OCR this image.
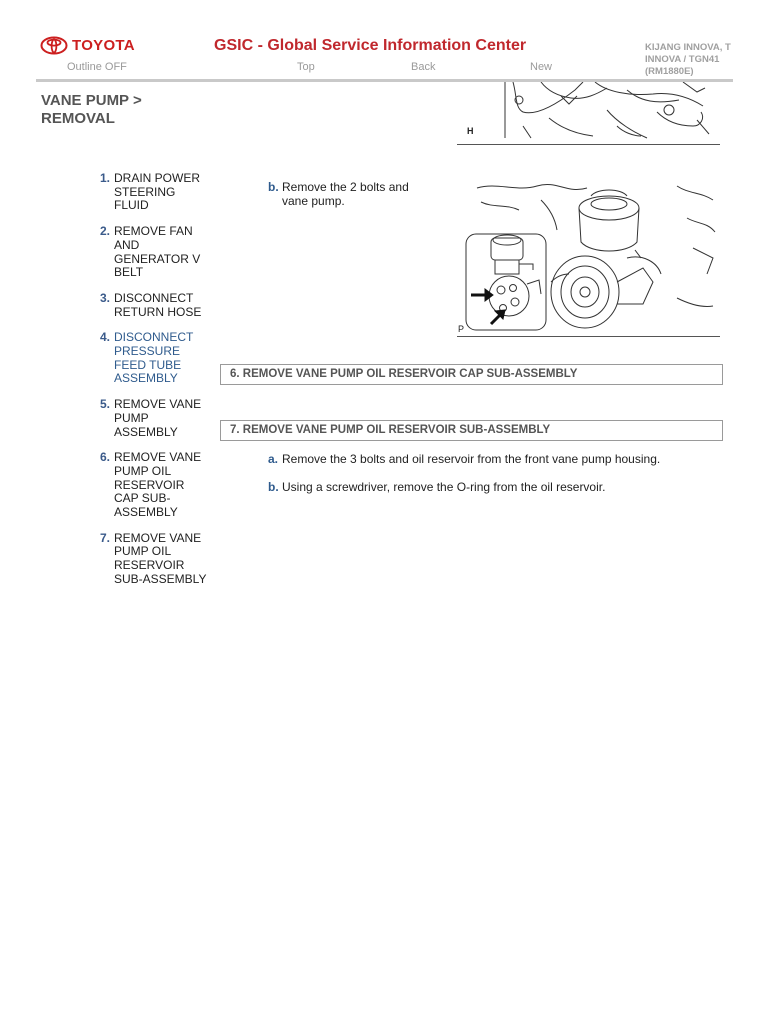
TOYOTA	GSIC - Global Service Information Center
Outline OFF	Top	Back	New
KIJANG INNOVA, T
INNOVA / TGN41
(RM1880E)
VANE PUMP >
REMOVAL
1. DRAIN POWER STEERING FLUID
2. REMOVE FAN AND GENERATOR V BELT
3. DISCONNECT RETURN HOSE
4. DISCONNECT PRESSURE FEED TUBE ASSEMBLY
5. REMOVE VANE PUMP ASSEMBLY
6. REMOVE VANE PUMP OIL RESERVOIR CAP SUB-ASSEMBLY
7. REMOVE VANE PUMP OIL RESERVOIR SUB-ASSEMBLY
H
b. Remove the 2 bolts and vane pump.
P
6. REMOVE VANE PUMP OIL RESERVOIR CAP SUB-ASSEMBLY
7. REMOVE VANE PUMP OIL RESERVOIR SUB-ASSEMBLY
a. Remove the 3 bolts and oil reservoir from the front vane pump housing.
b. Using a screwdriver, remove the O-ring from the oil reservoir.
